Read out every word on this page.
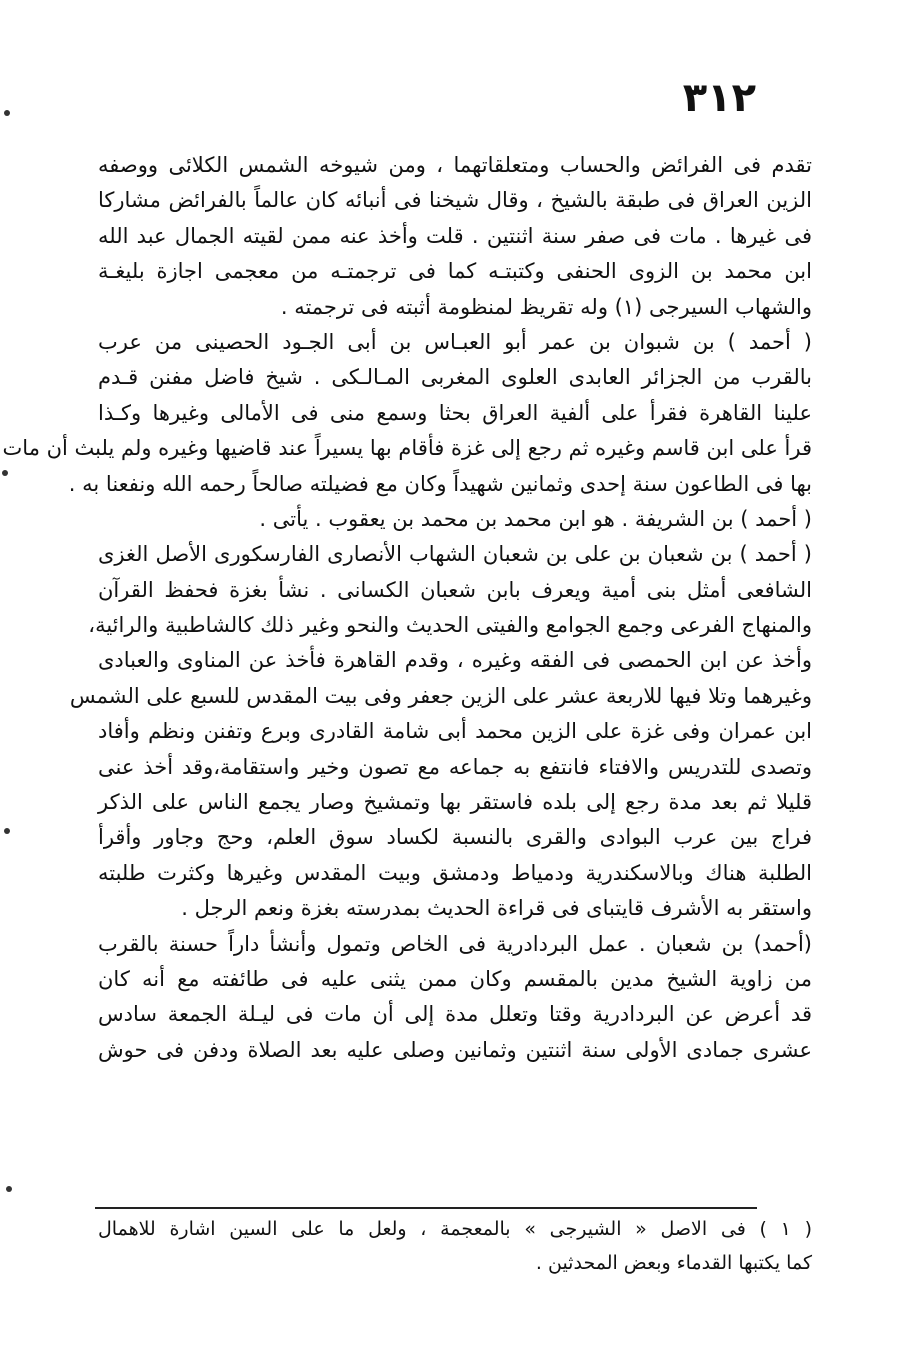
٣١٢
تقدم فى الفرائض والحساب ومتعلقاتهما ، ومن شيوخه الشمس الكلائى ووصفه
الزين العراق فى طبقة بالشيخ ، وقال شيخنا فى أنبائه كان عالماً بالفرائض مشاركا
فى غيرها . مات فى صفر سنة اثنتين . قلت وأخذ عنه ممن لقيته الجمال عبد الله
ابن محمد بن الزوى الحنفى وكتبتـه كما فى ترجمتـه من معجمى اجازة بليغـة
والشهاب السيرجى (١) وله تقريظ لمنظومة أثبته فى ترجمته .
( أحمد ) بن شبوان بن عمر أبو العبـاس بن أبى الجـود الحصينى من عرب
بالقرب من الجزائر العابدى العلوى المغربى المـالـكى . شيخ فاضل مفنن قـدم
علينا القاهرة فقرأ على ألفية العراق بحثا وسمع منى فى الأمالى وغيرها وكـذا
قرأ على ابن قاسم وغيره ثم رجع إلى غزة فأقام بها يسيراً عند قاضيها وغيره ولم يلبث أن مات
بها فى الطاعون سنة إحدى وثمانين شهيداً وكان مع فضيلته صالحاً رحمه الله ونفعنا به .
( أحمد ) بن الشريفة . هو ابن محمد بن محمد بن يعقوب . يأتى .
( أحمد ) بن شعبان بن على بن شعبان الشهاب الأنصارى الفارسكورى الأصل الغزى
الشافعى أمثل بنى أمية ويعرف بابن شعبان الكسانى . نشأ بغزة فحفظ القرآن
والمنهاج الفرعى وجمع الجوامع والفيتى الحديث والنحو وغير ذلك كالشاطبية والرائية،
وأخذ عن ابن الحمصى فى الفقه وغيره ، وقدم القاهرة فأخذ عن المناوى والعبادى
وغيرهما وتلا فيها للاربعة عشر على الزين جعفر وفى بيت المقدس للسبع على الشمس
ابن عمران وفى غزة على الزين محمد أبى شامة القادرى وبرع وتفنن ونظم وأفاد
وتصدى للتدريس والافتاء فانتفع به جماعه مع تصون وخير واستقامة،وقد أخذ عنى
قليلا ثم بعد مدة رجع إلى بلده فاستقر بها وتمشيخ وصار يجمع الناس على الذكر
فراج بين عرب البوادى والقرى بالنسبة لكساد سوق العلم، وحج وجاور وأقرأ
الطلبة هناك وبالاسكندرية ودمياط ودمشق وبيت المقدس وغيرها وكثرت طلبته
واستقر به الأشرف قايتباى فى قراءة الحديث بمدرسته بغزة ونعم الرجل .
(أحمد) بن شعبان . عمل البردادرية فى الخاص وتمول وأنشأ داراً حسنة بالقرب
من زاوية الشيخ مدين بالمقسم وكان ممن يثنى عليه فى طائفته مع أنه كان
قد أعرض عن البردادرية وقتا وتعلل مدة إلى أن مات فى ليـلة الجمعة سادس
عشرى جمادى الأولى سنة اثنتين وثمانين وصلى عليه بعد الصلاة ودفن فى حوش
( ١ ) فى الاصل « الشيرجى » بالمعجمة ، ولعل ما على السين اشارة للاهمال
كما يكتبها القدماء وبعض المحدثين .
